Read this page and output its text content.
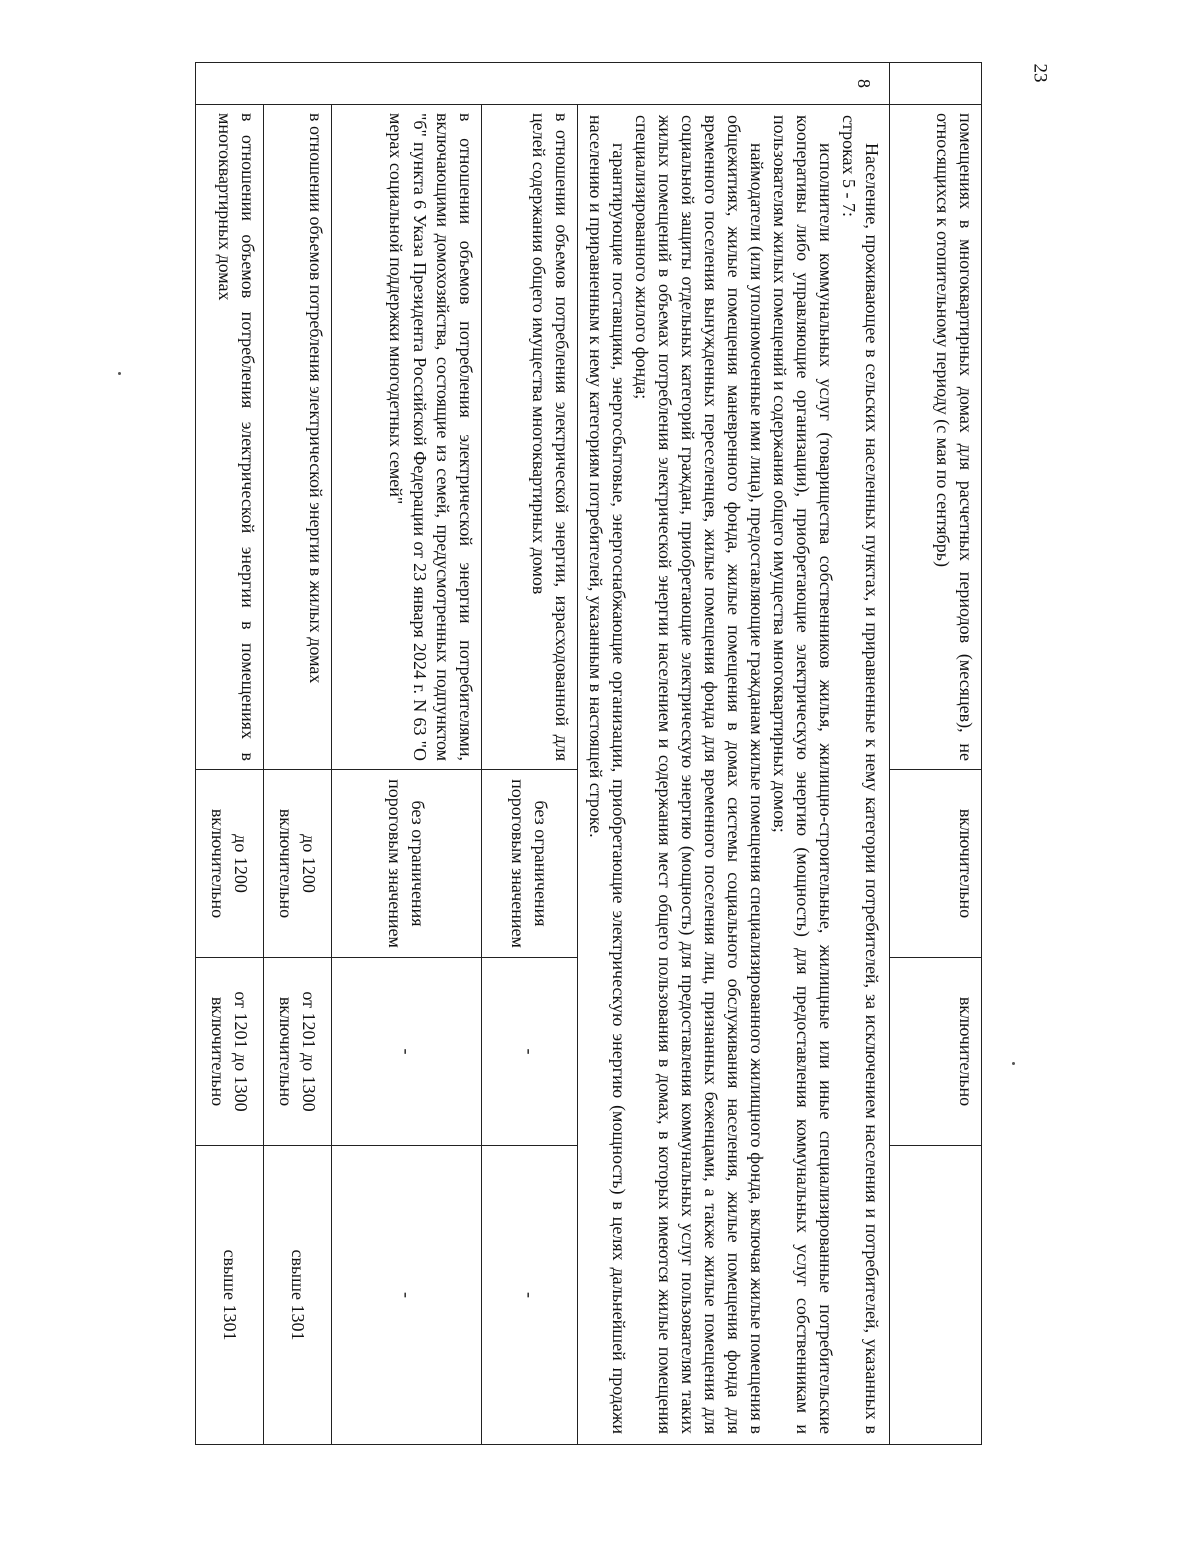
23
	помещениях в многоквартирных домах для расчетных периодов (месяцев), не относящихся к отопительному периоду (с мая по сентябрь)	включительно	включительно	
8	Население, проживающее в сельских населенных пунктах, и приравненные к нему категории потребителей, за исключением населения и потребителей, указанных в строках 5 - 7:

исполнители коммунальных услуг (товарищества собственников жилья, жилищно-строительные, жилищные или иные специализированные потребительские кооперативы либо управляющие организации), приобретающие электрическую энергию (мощность) для предоставления коммунальных услуг собственникам и пользователям жилых помещений и содержания общего имущества многоквартирных домов;

наймодатели (или уполномоченные ими лица), предоставляющие гражданам жилые помещения специализированного жилищного фонда, включая жилые помещения в общежитиях, жилые помещения маневренного фонда, жилые помещения в домах системы социального обслуживания населения, жилые помещения фонда для временного поселения вынужденных переселенцев, жилые помещения фонда для временного поселения лиц, признанных беженцами, а также жилые помещения для социальной защиты отдельных категорий граждан, приобретающие электрическую энергию (мощность) для предоставления коммунальных услуг пользователям таких жилых помещений в объемах потребления электрической энергии населением и содержания мест общего пользования в домах, в которых имеются жилые помещения специализированного жилого фонда;

гарантирующие поставщики, энергосбытовые, энергоснабжающие организации, приобретающие электрическую энергию (мощность) в целях дальнейшей продажи населению и приравненным к нему категориям потребителей, указанным в настоящей строке.			

	в отношении объемов потребления электрической энергии, израсходованной для целей содержания общего имущества многоквартирных домов	без ограничения пороговым значением	-	-
	в отношении объемов потребления электрической энергии потребителями, включающими домохозяйства, состоящие из семей, предусмотренных подпунктом "б" пункта 6 Указа Президента Российской Федерации от 23 января 2024 г. N 63 "О мерах социальной поддержки многодетных семей"	без ограничения пороговым значением	-	-
	в отношении объемов потребления электрической энергии в жилых домах	до 1200 включительно	от 1201 до 1300 включительно	свыше 1301
	в отношении объемов потребления электрической энергии в помещениях в многоквартирных домах	до 1200 включительно	от 1201 до 1300 включительно	свыше 1301
